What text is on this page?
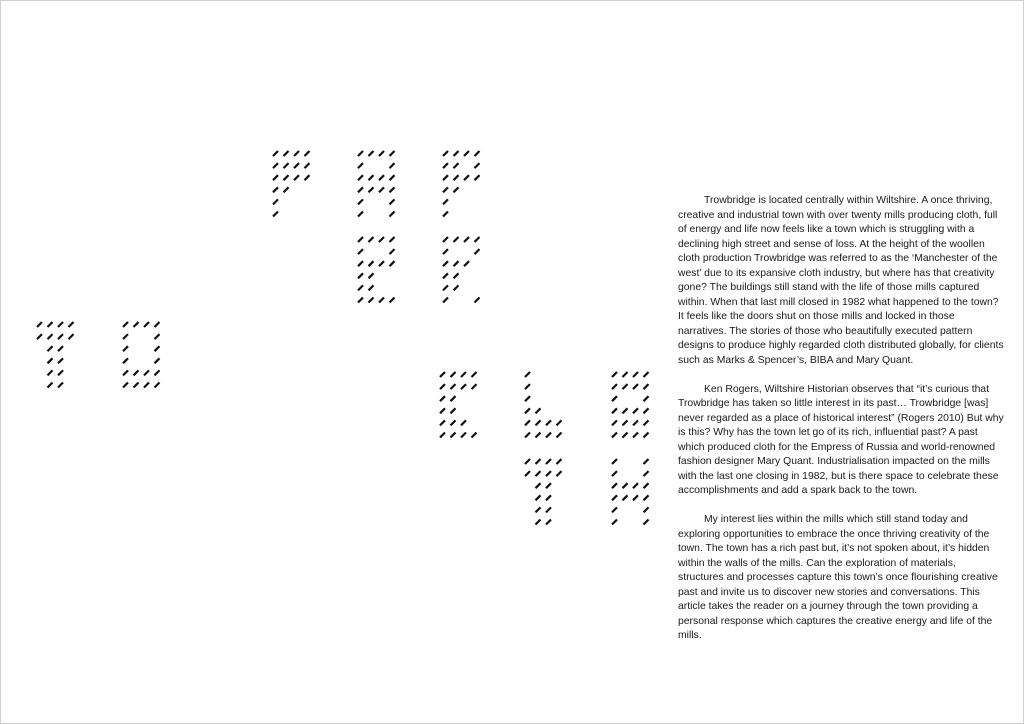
Trowbridge is located centrally within Wiltshire. A once thriving, creative and industrial town with over twenty mills producing cloth, full of energy and life now feels like a town which is struggling with a declining high street and sense of loss. At the height of the woollen cloth production Trowbridge was referred to as the ‘Manchester of the west’ due to its expansive cloth industry, but where has that creativity gone? The buildings still stand with the life of those mills captured within. When that last mill closed in 1982 what happened to the town? It feels like the doors shut on those mills and locked in those narratives. The stories of those who beautifully executed pattern designs to produce highly regarded cloth distributed globally, for clients such as Marks & Spencer’s, BIBA and Mary Quant.

Ken Rogers, Wiltshire Historian observes that “it’s curious that Trowbridge has taken so little interest in its past… Trowbridge [was] never regarded as a place of historical interest” (Rogers 2010) But why is this? Why has the town let go of its rich, influential past? A past which produced cloth for the Empress of Russia and world-renowned fashion designer Mary Quant. Industrialisation impacted on the mills with the last one closing in 1982, but is there space to celebrate these accomplishments and add a spark back to the town.

My interest lies within the mills which still stand today and exploring opportunities to embrace the once thriving creativity of the town. The town has a rich past but, it’s not spoken about, it’s hidden within the walls of the mills. Can the exploration of materials, structures and processes capture this town’s once flourishing creative past and invite us to discover new stories and conversations. This article takes the reader on a journey through the town providing a personal response which captures the creative energy and life of the mills.
